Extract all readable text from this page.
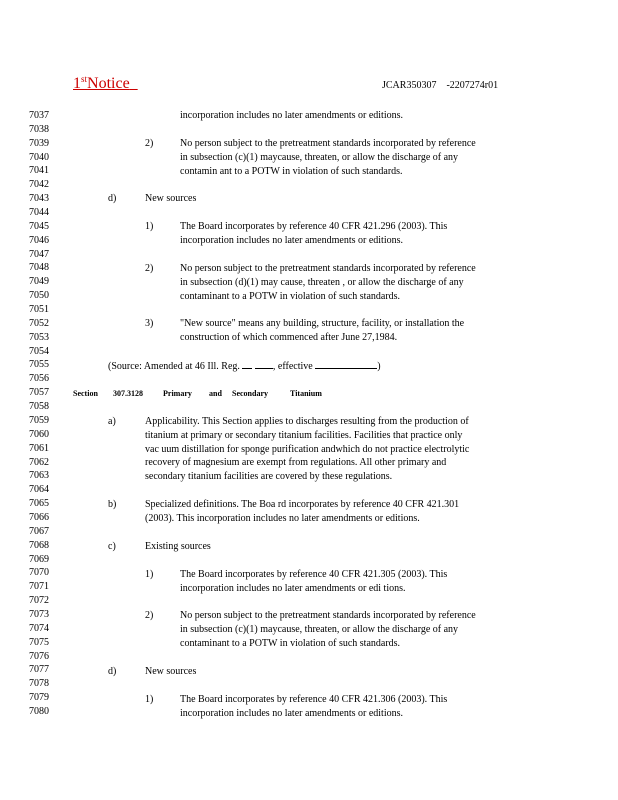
1stNotice	JCAR350307    -2207274r01
7037
7038
7039
7040
7041
7042
7043
7044
7045
7046
7047
7048
7049
7050
7051
7052
7053
7054
7055
7056
7057
7058
7059
7060
7061
7062
7063
7064
7065
7066
7067
7068
7069
7070
7071
7072
7073
7074
7075
7076
7077
7078
7079
7080
incorporation includes no later amendments or editions.
2)	No person subject to the pretreatment standards incorporated by reference
in subsection (c)(1) maycause, threaten, or allow the discharge of any
contamin ant to a POTW in violation of such standards.
d)	New sources
1)	The Board incorporates by reference 40 CFR 421.296 (2003). This
incorporation includes no later amendments or editions.
2)	No person subject to the pretreatment standards incorporated by reference
in subsection (d)(1) may cause, threaten , or allow the discharge of any
contaminant to a POTW in violation of such standards.
3)	"New source" means any building, structure, facility, or installation the
construction of which commenced after June 27,1984.
(Source: Amended at 46 Ill. Reg.	, effective	)
Section 307.3128	Primary and Secondary	Titanium
a)	Applicability. This Section applies to discharges resulting from the production of
titanium at primary or secondary titanium facilities. Facilities that practice only
vac uum distillation for sponge purification andwhich do not practice electrolytic
recovery of magnesium are exempt from regulations. All other primary and
secondary titanium facilities are covered by these regulations.
b)	Specialized definitions. The Boa rd incorporates by reference 40 CFR 421.301
(2003). This incorporation includes no later amendments or editions.
c)	Existing sources
1)	The Board incorporates by reference 40 CFR 421.305 (2003). This
incorporation includes no later amendments or edi tions.
2)	No person subject to the pretreatment standards incorporated by reference
in subsection (c)(1) maycause, threaten, or allow the discharge of any
contaminant to a POTW in violation of such standards.
d)	New sources
1)	The Board incorporates by reference 40 CFR 421.306 (2003). This
incorporation includes no later amendments or editions.
